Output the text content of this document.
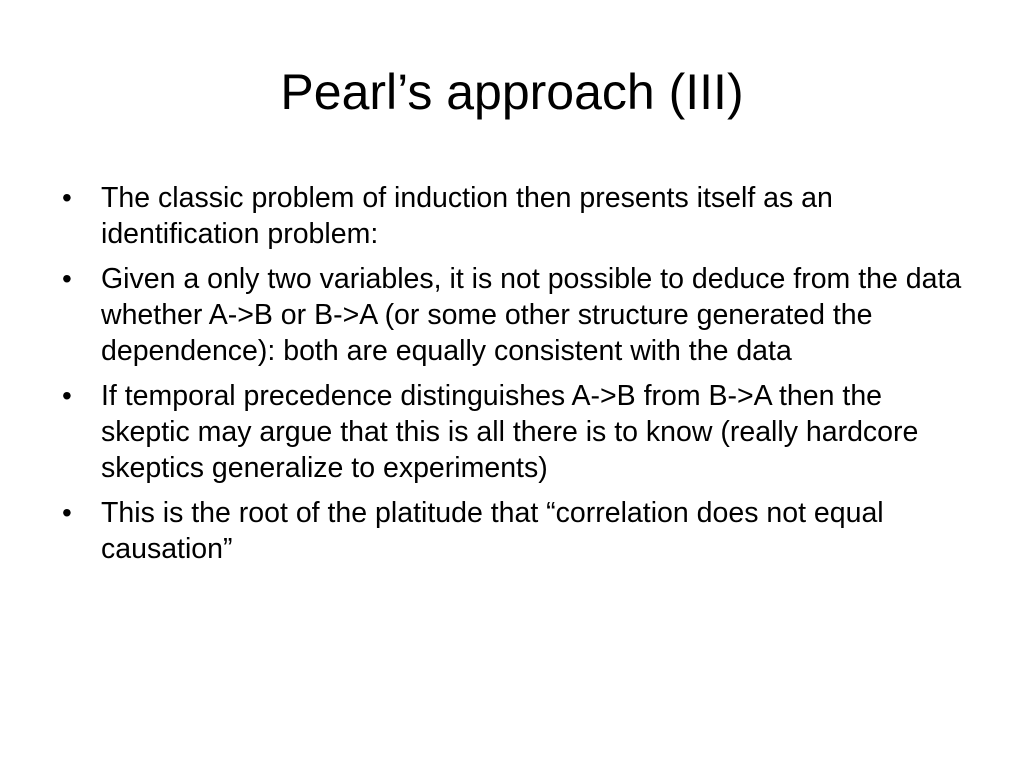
Pearl’s approach (III)
• The classic problem of induction then presents itself as an identification problem:
• Given a only two variables, it is not possible to deduce from the data whether A->B or B->A (or some other structure generated the dependence): both are equally consistent with the data
• If temporal precedence distinguishes A->B from B->A then the skeptic may argue that this is all there is to know (really hardcore skeptics generalize to experiments)
• This is the root of the platitude that “correlation does not equal causation”
